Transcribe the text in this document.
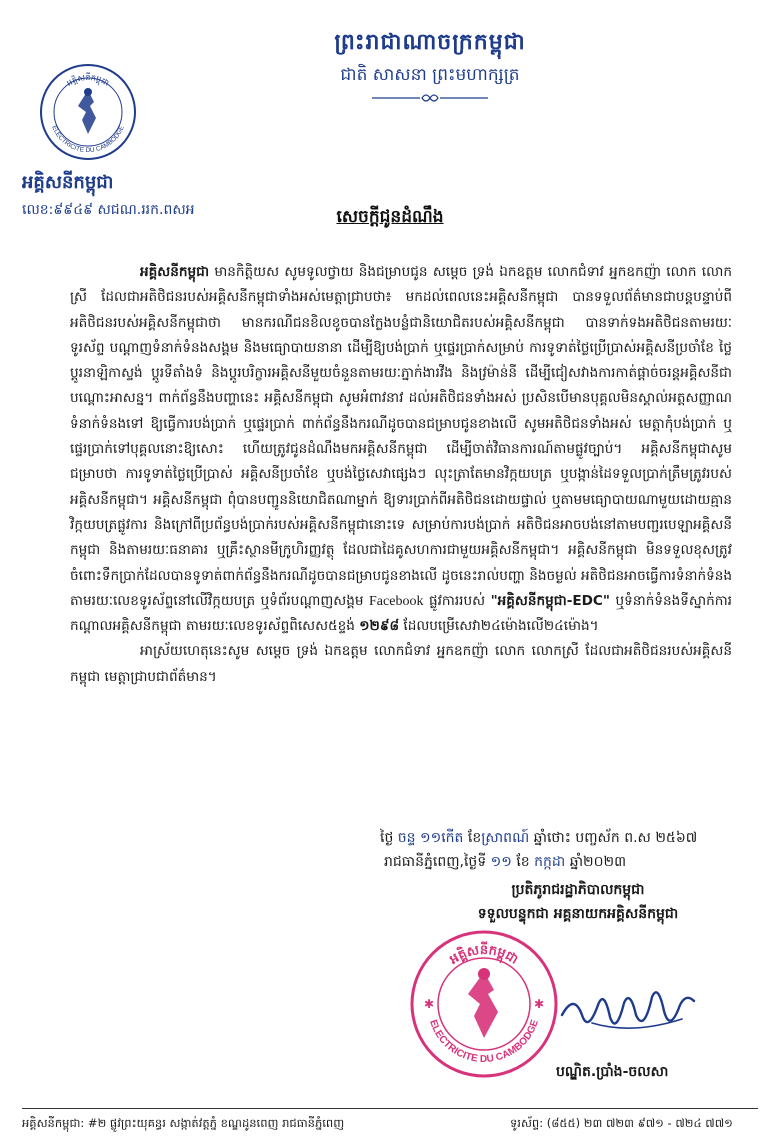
ព្រះរាជាណាចក្រកម្ពុជា
ជាតិ សាសនា ព្រះមហាក្សត្រ
អគ្គិសនីកម្ពុជា
ELECTRICITE DU CAMBODGE
អគ្គិសនីកម្ពុជា
លេខ:៩៩៤៩ សជណ.ររក.ពសអ	សេចក្តីជូនដំណឹង

អគ្គិសនីកម្ពុជា មានកិត្តិយស សូមទូលថ្វាយ និងជម្រាបជូន សម្តេច ទ្រង់ ឯកឧត្តម លោកជំទាវ អ្នកឧកញ៉ា លោក លោកស្រី ដែលជាអតិថិជនរបស់អគ្គិសនីកម្ពុជាទាំងអស់មេត្តាជ្រាបថា៖ មកដល់ពេលនេះអគ្គិសនីកម្ពុជា បានទទួលព័ត៌មានជាបន្តបន្ទាប់ពីអតិថិជនរបស់អគ្គិសនីកម្ពុជាថា មានករណីជនខិលខូចបានក្លែងបន្លំជានិយោជិតរបស់អគ្គិសនីកម្ពុជា បានទាក់ទងអតិថិជនតាមរយៈទូរស័ព្ទ បណ្តាញទំនាក់ទំនងសង្គម និងមធ្យោបាយនានា ដើម្បីឱ្យបង់ប្រាក់ ឬផ្ទេរប្រាក់សម្រាប់ ការទូទាត់ថ្លៃប្រើប្រាស់អគ្គិសនីប្រចាំខែ ថ្លៃប្តូរនាឡិកាស្ទង់ ប្តូរទីតាំងទំ និងប្តូរបរិក្ខារអគ្គិសនីមួយចំនួនតាមរយៈភ្នាក់ងារវីង និងវ្រម៉ាន់នី ដើម្បីជៀសវាងការកាត់ផ្តាច់ចរន្តអគ្គិសនីជាបណ្តោះអាសន្ន។ ពាក់ព័ន្ធនឹងបញ្ហានេះ អគ្គិសនីកម្ពុជា សូមអំពាវនាវ ដល់អតិថិជនទាំងអស់ ប្រសិនបើមានបុគ្គលមិនស្គាល់អត្តសញ្ញាណ ទំនាក់ទំនងទៅ ឱ្យធ្វើការបង់ប្រាក់ ឬផ្ទេរប្រាក់ ពាក់ព័ន្ធនឹងករណីដូចបានជម្រាបជូនខាងលើ សូមអតិថិជនទាំងអស់ មេត្តាកុំបង់ប្រាក់ ឬផ្ទេរប្រាក់ទៅបុគ្គលនោះឱ្យសោះ ហើយត្រូវជូនដំណឹងមកអគ្គិសនីកម្ពុជា ដើម្បីចាត់វិធានការណ៍តាមផ្លូវច្បាប់។ អគ្គិសនីកម្ពុជាសូមជម្រាបថា ការទូទាត់ថ្លៃប្រើប្រាស់ អគ្គិសនីប្រចាំខែ ឬបង់ថ្លៃសេវាផ្សេងៗ លុះត្រាតែមានវិក្កយបត្រ ឬបង្កាន់ដៃទទួលប្រាក់ត្រឹមត្រូវរបស់អគ្គិសនីកម្ពុជា។ អគ្គិសនីកម្ពុជា ពុំបានបញ្ជូននិយោជិតណាម្នាក់ ឱ្យទារប្រាក់ពីអតិថិជនដោយផ្ទាល់ ឬតាមមធ្យោបាយណាមួយដោយគ្មានវិក្កយបត្រផ្លូវការ និងក្រៅពីប្រព័ន្ធបង់ប្រាក់របស់អគ្គិសនីកម្ពុជានោះទេ សម្រាប់ការបង់ប្រាក់ អតិថិជនអាចបង់នៅតាមបញ្ជរបេឡាអគ្គិសនីកម្ពុជា និងតាមរយៈធនាគារ ឬគ្រឹះស្ថានមីក្រូហិរញ្ញវត្ថុ ដែលជាដៃគូសហការជាមួយអគ្គិសនីកម្ពុជា។ អគ្គិសនីកម្ពុជា មិនទទួលខុសត្រូវចំពោះទឹកប្រាក់ដែលបានទូទាត់ពាក់ព័ន្ធនឹងករណីដូចបានជម្រាបជូនខាងលើ ដូចនេះរាល់បញ្ហា និងចម្ងល់ អតិថិជនអាចធ្វើការទំនាក់ទំនងតាមរយៈលេខទូរស័ព្ទនៅលើវិក្កយបត្រ ឬទំព័របណ្តាញសង្គម Facebook ផ្លូវការរបស់ "អគ្គិសនីកម្ពុជា-EDC" ឬទំនាក់ទំនងទីស្នាក់ការកណ្តាលអគ្គិសនីកម្ពុជា តាមរយៈលេខទូរស័ព្ទពិសេស៥ខ្ទង់ ១២៩៨ ដែលបម្រើសេវា២៤ម៉ោងលើ២៤ម៉ោង។

អាស្រ័យហេតុនេះសូម សម្តេច ទ្រង់ ឯកឧត្តម លោកជំទាវ អ្នកឧកញ៉ា លោក លោកស្រី ដែលជាអតិថិជនរបស់អគ្គិសនីកម្ពុជា មេត្តាជ្រាបជាព័ត៌មាន។

ថ្ងៃ ចន្ទ ១១កើត ខែស្រាពណ៍ ឆ្នាំថោះ បញ្ចស័ក ព.ស ២៥៦៧
រាជធានីភ្នំពេញ,ថ្ងៃទី ១១ ខែ កក្កដា ឆ្នាំ២០២៣
ប្រតិភូរាជរដ្ឋាភិបាលកម្ពុជា
ទទួលបន្ទុកជា អគ្គនាយកអគ្គិសនីកម្ពុជា
អគ្គិសនីកម្ពុជា
ELECTRICITE DU CAMBODGE
✱	✱
បណ្ឌិត.ប្រាំង-ចលសា
អគ្គិសនីកម្ពុជា: #២ ផ្លូវព្រះយុគន្ធរ សង្កាត់វត្តភ្នំ ខណ្ឌដូនពេញ រាជធានីភ្នំពេញ	ទូរស័ព្ទ: (៨៥៥) ២៣ ៧២៣ ៩៧១ - ៧២៤ ៧៧១
